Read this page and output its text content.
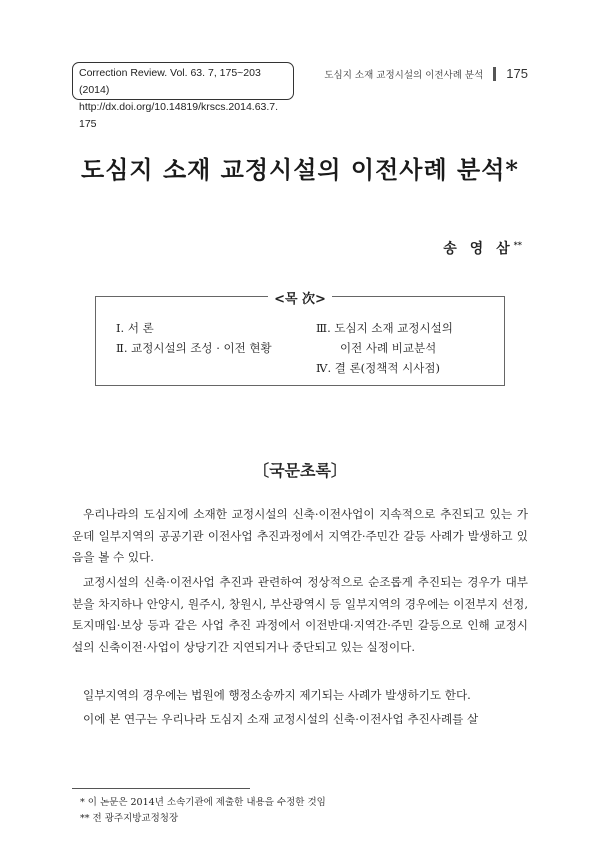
Correction Review. Vol. 63. 7, 175~203 (2014)
http://dx.doi.org/10.14819/krscs.2014.63.7. 175
도심지 소재 교정시설의 이전사례 분석 175
도심지 소재 교정시설의 이전사례 분석*
송 영 삼**
<목 次>
Ⅰ. 서 론
Ⅱ. 교정시설의 조성 · 이전 현황
Ⅲ. 도심지 소재 교정시설의
이전 사례 비교분석
Ⅳ. 결 론(정책적 시사점)
〔국문초록〕

우리나라의 도심지에 소재한 교정시설의 신축·이전사업이 지속적으로 추진되고 있는 가운데 일부지역의 공공기관 이전사업 추진과정에서 지역간·주민간 갈등 사례가 발생하고 있음을 볼 수 있다.

교정시설의 신축·이전사업 추진과 관련하여 정상적으로 순조롭게 추진되는 경우가 대부분을 차지하나 안양시, 원주시, 창원시, 부산광역시 등 일부지역의 경우에는 이전부지 선정, 토지매입·보상 등과 같은 사업 추진 과정에서 이전반대·지역간·주민 갈등으로 인해 교정시설의 신축이전·사업이 상당기간 지연되거나 중단되고 있는 실정이다.

일부지역의 경우에는 법원에 행정소송까지 제기되는 사례가 발생하기도 한다.

이에 본 연구는 우리나라 도심지 소재 교정시설의 신축·이전사업 추진사례를 살

* 이 논문은 2014년 소속기관에 제출한 내용을 수정한 것임
** 전 광주지방교정청장
